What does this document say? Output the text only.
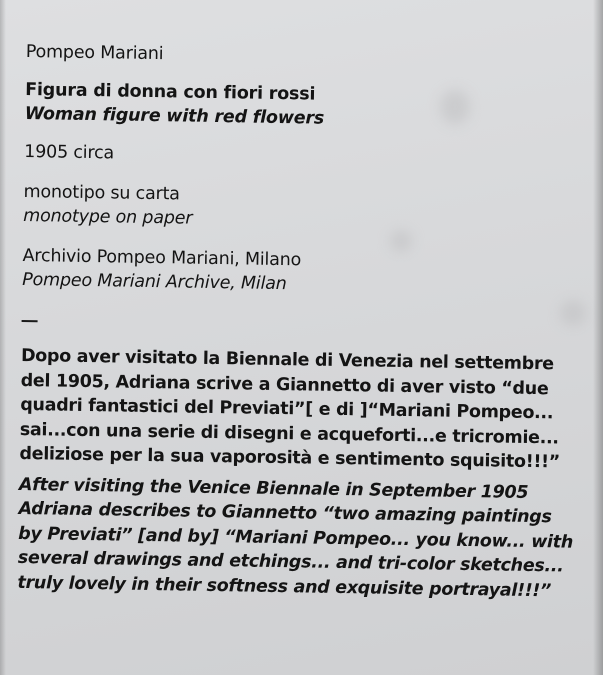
Pompeo Mariani
Figura di donna con fiori rossi
Woman figure with red flowers
1905 circa
monotipo su carta
monotype on paper
Archivio Pompeo Mariani, Milano
Pompeo Mariani Archive, Milan
Dopo aver visitato la Biennale di Venezia nel settembre
del 1905, Adriana scrive a Giannetto di aver visto “due
quadri fantastici del Previati”[ e di ]“Mariani Pompeo...
sai...con una serie di disegni e acqueforti...e tricromie...
deliziose per la sua vaporosità e sentimento squisito!!!”
After visiting the Venice Biennale in September 1905
Adriana describes to Giannetto “two amazing paintings
by Previati” [and by] “Mariani Pompeo... you know... with
several drawings and etchings... and tri-color sketches...
truly lovely in their softness and exquisite portrayal!!!”
